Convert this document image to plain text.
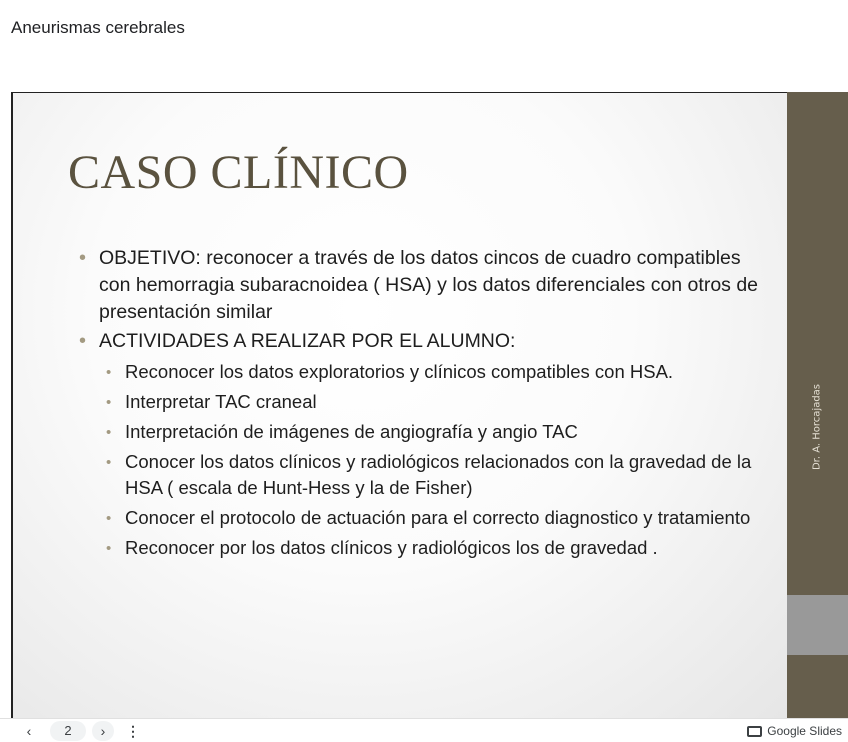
Aneurismas cerebrales
CASO CLÍNICO
• OBJETIVO: reconocer a través de los datos cincos de cuadro compatibles con hemorragia subaracnoidea ( HSA) y los datos diferenciales con otros de presentación similar
• ACTIVIDADES A REALIZAR POR EL ALUMNO:
• Reconocer los datos exploratorios y clínicos compatibles con HSA.
• Interpretar TAC craneal
• Interpretación de imágenes de angiografía y angio TAC
• Conocer los datos clínicos y radiológicos relacionados con la gravedad de la HSA ( escala de Hunt-Hess y la de Fisher)
• Conocer el protocolo de actuación para el correcto diagnostico y tratamiento
• Reconocer por los datos clínicos y radiológicos los de gravedad .
Dr. A. Horcajadas
‹	2	›	⋮	Google Slides
